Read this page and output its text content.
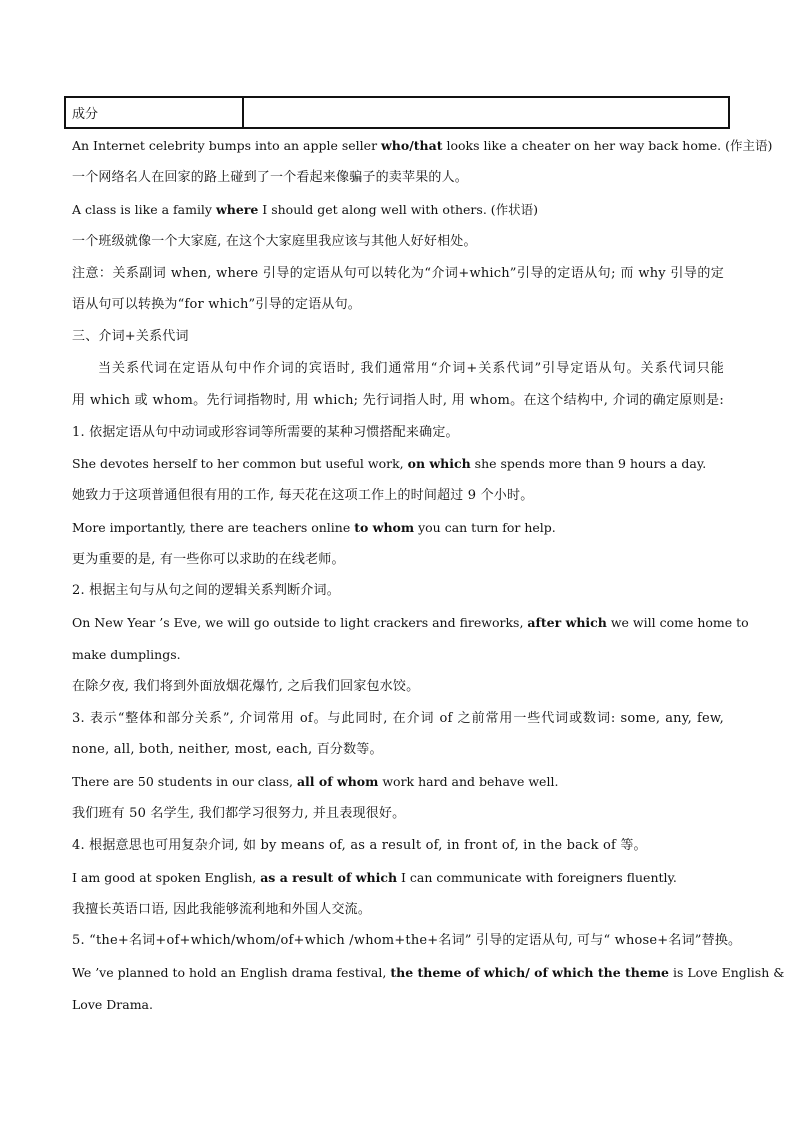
成分	
An Internet celebrity bumps into an apple seller who/that looks like a cheater on her way back home. (作主语)
一个网络名人在回家的路上碰到了一个看起来像骗子的卖苹果的人。
A class is like a family where I should get along well with others. (作状语)
一个班级就像一个大家庭, 在这个大家庭里我应该与其他人好好相处。
注意：关系副词 when, where 引导的定语从句可以转化为“介词+which”引导的定语从句; 而 why 引导的定
语从句可以转换为“for which”引导的定语从句。
三、介词+关系代词
当关系代词在定语从句中作介词的宾语时, 我们通常用“介词+关系代词”引导定语从句。关系代词只能
用 which 或 whom。先行词指物时, 用 which; 先行词指人时, 用 whom。在这个结构中, 介词的确定原则是:
1. 依据定语从句中动词或形容词等所需要的某种习惯搭配来确定。
She devotes herself to her common but useful work, on which she spends more than 9 hours a day.
她致力于这项普通但很有用的工作, 每天花在这项工作上的时间超过 9 个小时。
More importantly, there are teachers online to whom you can turn for help.
更为重要的是, 有一些你可以求助的在线老师。
2. 根据主句与从句之间的逻辑关系判断介词。
On New Year ’s Eve, we will go outside to light crackers and fireworks, after which we will come home to
make dumplings.
在除夕夜, 我们将到外面放烟花爆竹, 之后我们回家包水饺。
3. 表示“整体和部分关系”, 介词常用 of。与此同时, 在介词 of 之前常用一些代词或数词: some, any, few,
none, all, both, neither, most, each, 百分数等。
There are 50 students in our class, all of whom work hard and behave well.
我们班有 50 名学生, 我们都学习很努力, 并且表现很好。
4. 根据意思也可用复杂介词, 如 by means of, as a result of, in front of, in the back of 等。
I am good at spoken English, as a result of which I can communicate with foreigners fluently.
我擅长英语口语, 因此我能够流利地和外国人交流。
5. “the+名词+of+which/whom/of+which /whom+the+名词” 引导的定语从句, 可与“ whose+名词”替换。
We ’ve planned to hold an English drama festival, the theme of which/ of which the theme is Love English &
Love Drama.
